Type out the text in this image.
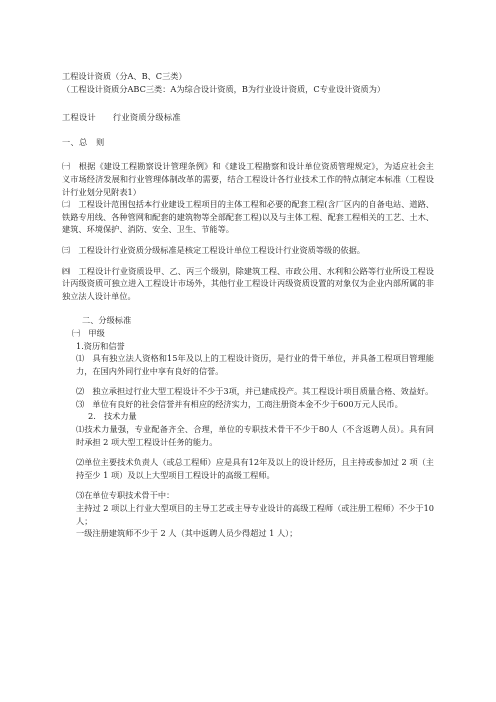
工程设计资质（分A、B、C三类）

（工程设计资质分ABC三类：A为综合设计资质，B为行业设计资质，C专业设计资质为）

工程设计　　行业资质分级标准

一、总　则

㈠　根据《建设工程勘察设计管理条例》和《建设工程勘察和设计单位资质管理规定》，为适应社会主义市场经济发展和行业管理体制改革的需要，结合工程设计各行业技术工作的特点制定本标准（工程设计行业划分见附表1）

㈡　工程设计范围包括本行业建设工程项目的主体工程和必要的配套工程(含厂区内的自备电站、道路、铁路专用线、各种管网和配套的建筑物等全部配套工程)以及与主体工程、配套工程相关的工艺、土木、建筑、环境保护、消防、安全、卫生、节能等。

㈢　工程设计行业资质分级标准是核定工程设计单位工程设计行业资质等级的依据。

㈣　工程设计行业资质设甲、乙、丙三个级别，除建筑工程、市政公用、水利和公路等行业所设工程设计丙级资质可独立进入工程设计市场外，其他行业工程设计丙级资质设置的对象仅为企业内部所属的非独立法人设计单位。

二、分级标准

㈠　甲级

1.资历和信誉

⑴　具有独立法人资格和15年及以上的工程设计资历，是行业的骨干单位，并具备工程项目管理能力，在国内外同行业中享有良好的信誉。

⑵　独立承担过行业大型工程设计不少于3项，并已建成投产。其工程设计项目质量合格、效益好。

⑶　单位有良好的社会信誉并有相应的经济实力，工商注册资本金不少于600万元人民币。

2.　技术力量

⑴技术力量强，专业配备齐全、合理，单位的专职技术骨干不少于80人（不含返聘人员）。具有同时承担 2 项大型工程设计任务的能力。

⑵单位主要技术负责人（或总工程师）应是具有12年及以上的设计经历，且主持或参加过 2 项（主持至少 1 项）及以上大型项目工程设计的高级工程师。

⑶在单位专职技术骨干中：

主持过 2 项以上行业大型项目的主导工艺或主导专业设计的高级工程师（或注册工程师）不少于10人；

一级注册建筑师不少于 2 人（其中返聘人员少得超过 1 人）；
